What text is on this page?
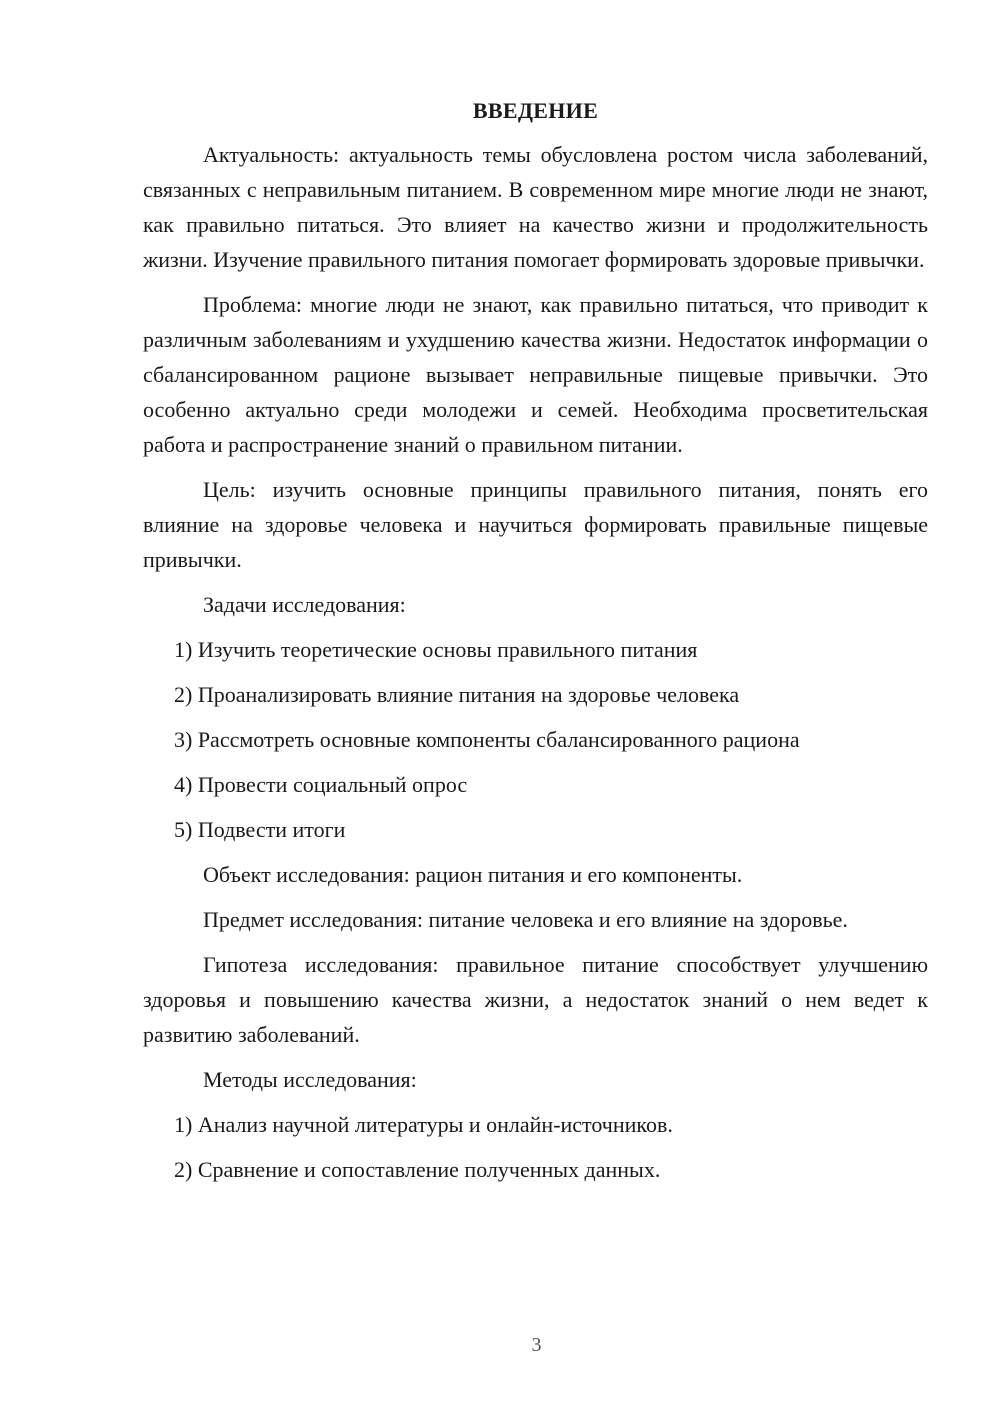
ВВЕДЕНИЕ

Актуальность: актуальность темы обусловлена ростом числа заболеваний, связанных с неправильным питанием. В современном мире многие люди не знают, как правильно питаться. Это влияет на качество жизни и продолжительность жизни. Изучение правильного питания помогает формировать здоровые привычки.

Проблема: многие люди не знают, как правильно питаться, что приводит к различным заболеваниям и ухудшению качества жизни. Недостаток информации о сбалансированном рационе вызывает неправильные пищевые привычки. Это особенно актуально среди молодежи и семей. Необходима просветительская работа и распространение знаний о правильном питании.

Цель: изучить основные принципы правильного питания, понять его влияние на здоровье человека и научиться формировать правильные пищевые привычки.

Задачи исследования:

1) Изучить теоретические основы правильного питания

2) Проанализировать влияние питания на здоровье человека

3) Рассмотреть основные компоненты сбалансированного рациона

4) Провести социальный опрос

5) Подвести итоги

Объект исследования: рацион питания и его компоненты.

Предмет исследования: питание человека и его влияние на здоровье.

Гипотеза исследования: правильное питание способствует улучшению здоровья и повышению качества жизни, а недостаток знаний о нем ведет к развитию заболеваний.

Методы исследования:

1) Анализ научной литературы и онлайн-источников.

2) Сравнение и сопоставление полученных данных.

3
